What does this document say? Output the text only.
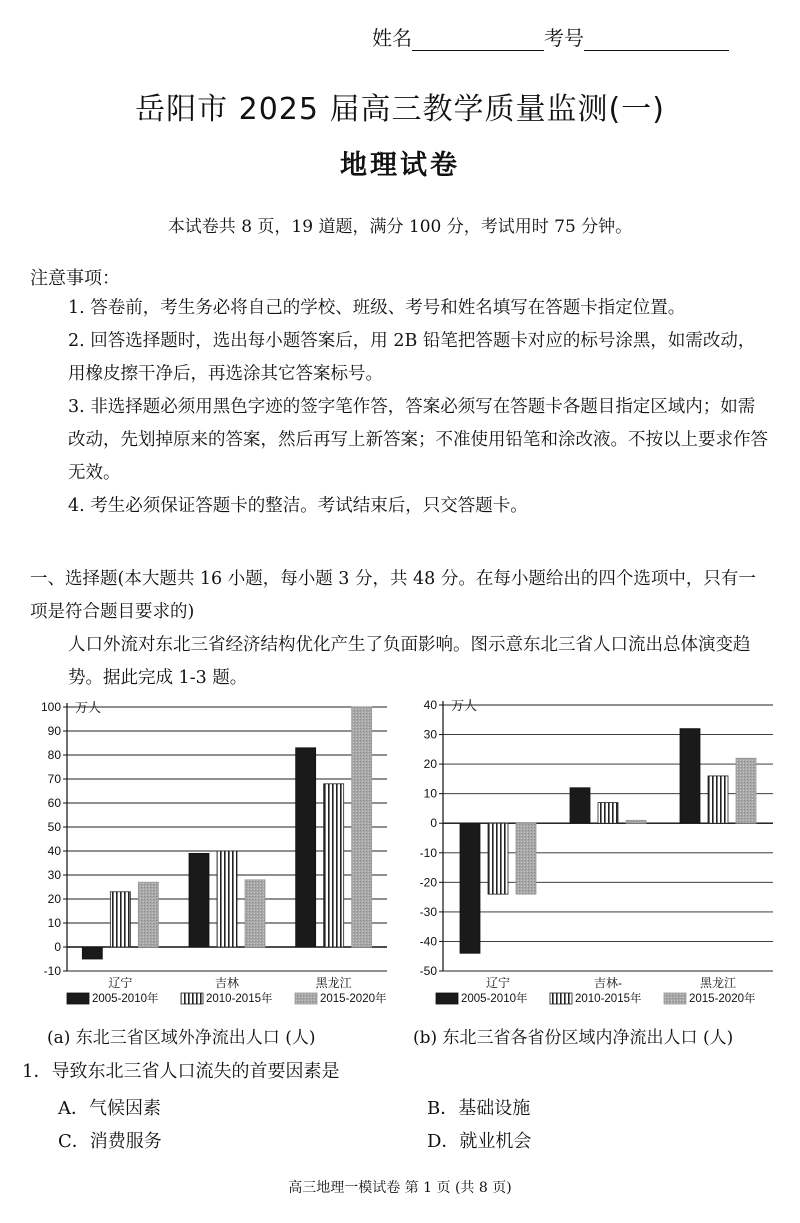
姓名	考号
岳阳市 2025 届高三教学质量监测(一)
地理试卷
本试卷共 8 页，19 道题，满分 100 分，考试用时 75 分钟。
注意事项：
1. 答卷前，考生务必将自己的学校、班级、考号和姓名填写在答题卡指定位置。
2. 回答选择题时，选出每小题答案后，用 2B 铅笔把答题卡对应的标号涂黑，如需改动，用橡皮擦干净后，再选涂其它答案标号。
3. 非选择题必须用黑色字迹的签字笔作答，答案必须写在答题卡各题目指定区域内；如需改动，先划掉原来的答案，然后再写上新答案；不准使用铅笔和涂改液。不按以上要求作答无效。
4. 考生必须保证答题卡的整洁。考试结束后，只交答题卡。
一、选择题(本大题共 16 小题，每小题 3 分，共 48 分。在每小题给出的四个选项中，只有一项是符合题目要求的)
人口外流对东北三省经济结构优化产生了负面影响。图示意东北三省人口流出总体演变趋势。据此完成 1-3 题。
-10
0
10
20
30
40
50
60
70
80
90
100 万人
辽宁	吉林	黑龙江
2005-2010年	2010-2015年	2015-2020年
-50
-40
-30
-20
-10
0
10
20
30
40 万人
辽宁	吉林-	黑龙江
2005-2010年	2010-2015年	2015-2020年
(a) 东北三省区域外净流出人口 (人)	(b) 东北三省各省份区域内净流出人口 (人)
1．导致东北三省人口流失的首要因素是
A．气候因素	B．基础设施
C．消费服务	D．就业机会
高三地理一模试卷 第 1 页 (共 8 页)
